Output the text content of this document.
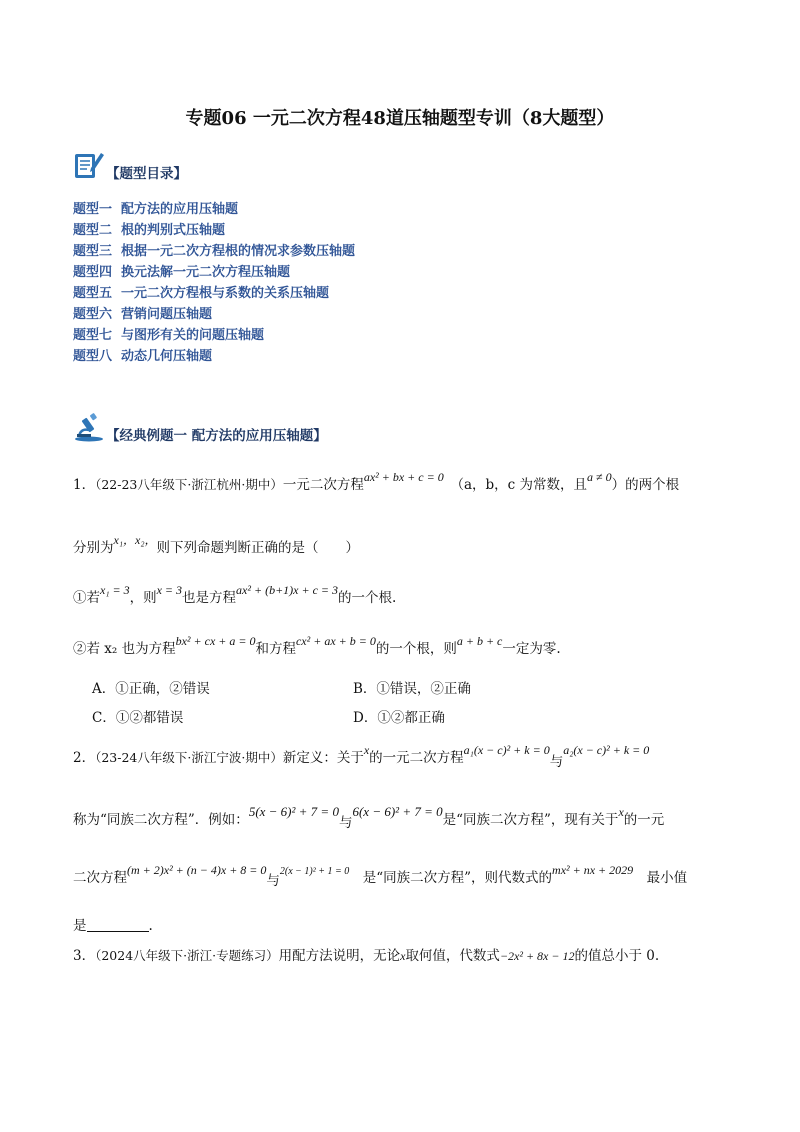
专题06 一元二次方程48道压轴题型专训（8大题型）
【题型目录】
题型一 配方法的应用压轴题
题型二 根的判别式压轴题
题型三 根据一元二次方程根的情况求参数压轴题
题型四 换元法解一元二次方程压轴题
题型五 一元二次方程根与系数的关系压轴题
题型六 营销问题压轴题
题型七 与图形有关的问题压轴题
题型八 动态几何压轴题
【经典例题一 配方法的应用压轴题】
1．（22-23八年级下·浙江杭州·期中）一元二次方程ax² + bx + c = 0　 （a，b，c 为常数，且a ≠ 0）的两个根
分别为x₁，x₂，则下列命题判断正确的是（　　）
①若x₁ = 3，则x = 3也是方程ax² + (b+1)x + c = 3的一个根.
②若 x₂ 也为方程bx² + cx + a = 0和方程cx² + ax + b = 0的一个根，则a + b + c一定为零.
A．①正确，②错误	B．①错误，②正确
C．①②都错误	D．①②都正确
2．（23-24八年级下·浙江宁波·期中）新定义：关于x的一元二次方程a₁(x − c)² + k = 0与a₂(x − c)² + k = 0
称为“同族二次方程”．例如：5(x − 6)² + 7 = 0与6(x − 6)² + 7 = 0是“同族二次方程”，现有关于x的一元
二次方程(m + 2)x² + (n − 4)x + 8 = 0与2(x − 1)² + 1 = 0　 是“同族二次方程”，则代数式的mx² + nx + 2029　 最小值
是	.
3．（2024八年级下·浙江·专题练习）用配方法说明，无论x取何值，代数式−2x² + 8x − 12的值总小于 0.
